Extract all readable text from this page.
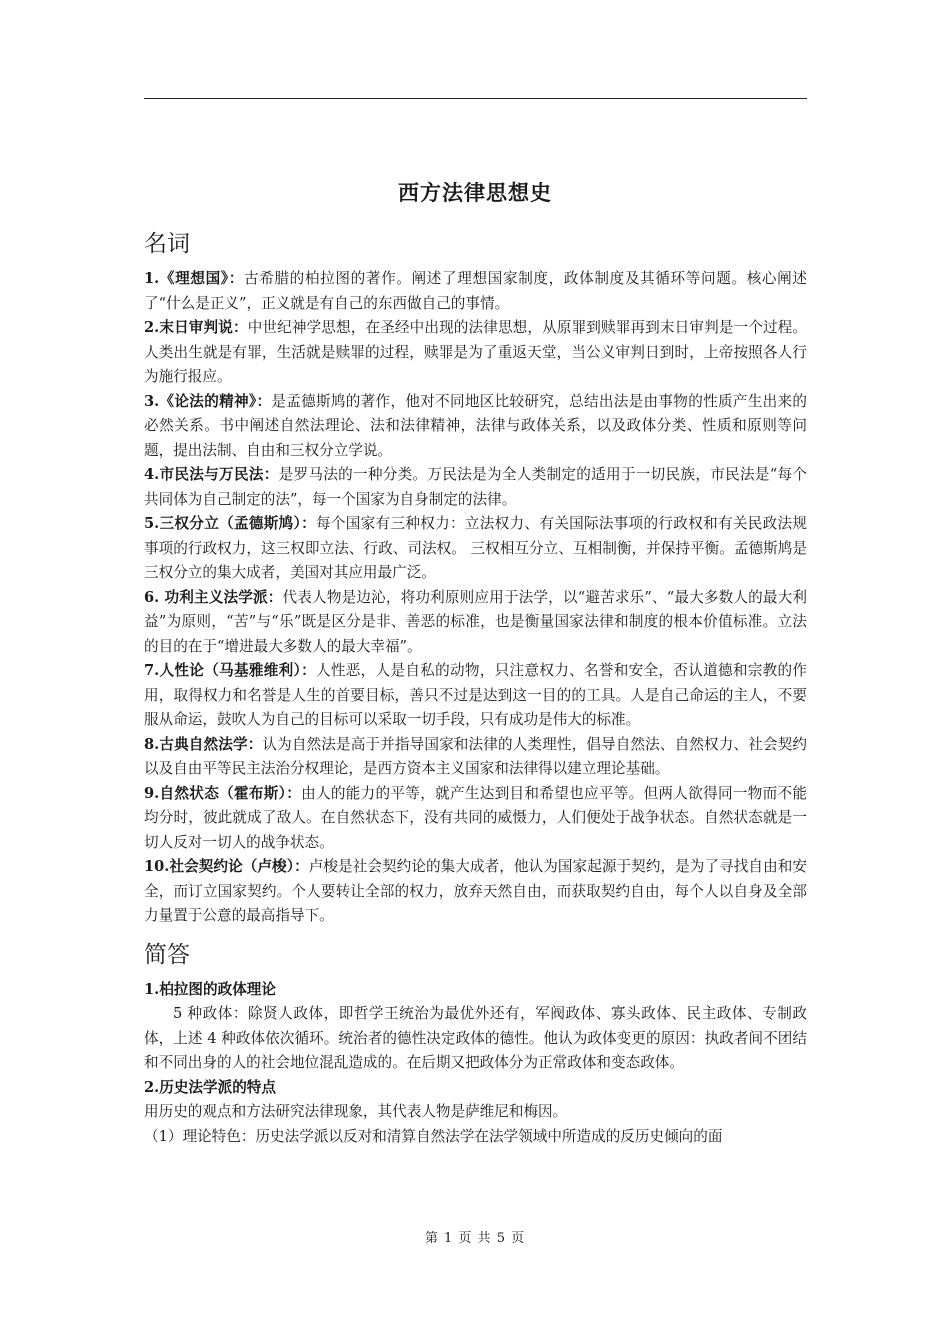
西方法律思想史
名词

1.《理想国》：古希腊的柏拉图的著作。阐述了理想国家制度，政体制度及其循环等问题。核心阐述了“什么是正义”，正义就是有自己的东西做自己的事情。

2.末日审判说：中世纪神学思想，在圣经中出现的法律思想，从原罪到赎罪再到末日审判是一个过程。人类出生就是有罪，生活就是赎罪的过程，赎罪是为了重返天堂，当公义审判日到时，上帝按照各人行为施行报应。

3.《论法的精神》：是孟德斯鸠的著作，他对不同地区比较研究，总结出法是由事物的性质产生出来的必然关系。书中阐述自然法理论、法和法律精神，法律与政体关系，以及政体分类、性质和原则等问题，提出法制、自由和三权分立学说。

4.市民法与万民法：是罗马法的一种分类。万民法是为全人类制定的适用于一切民族，市民法是“每个共同体为自己制定的法”，每一个国家为自身制定的法律。

5.三权分立（孟德斯鸠）：每个国家有三种权力：立法权力、有关国际法事项的行政权和有关民政法规事项的行政权力，这三权即立法、行政、司法权。 三权相互分立、互相制衡，并保持平衡。孟德斯鸠是三权分立的集大成者，美国对其应用最广泛。

6. 功利主义法学派：代表人物是边沁，将功利原则应用于法学，以“避苦求乐”、“最大多数人的最大利益”为原则，“苦”与“乐”既是区分是非、善恶的标准，也是衡量国家法律和制度的根本价值标准。立法的目的在于“增进最大多数人的最大幸福”。

7.人性论（马基雅维利）：人性恶，人是自私的动物，只注意权力、名誉和安全，否认道德和宗教的作用，取得权力和名誉是人生的首要目标，善只不过是达到这一目的的工具。人是自己命运的主人，不要服从命运，鼓吹人为自己的目标可以采取一切手段，只有成功是伟大的标准。

8.古典自然法学：认为自然法是高于并指导国家和法律的人类理性，倡导自然法、自然权力、社会契约以及自由平等民主法治分权理论，是西方资本主义国家和法律得以建立理论基础。

9.自然状态（霍布斯）：由人的能力的平等，就产生达到目和希望也应平等。但两人欲得同一物而不能均分时，彼此就成了敌人。在自然状态下，没有共同的威慑力，人们便处于战争状态。自然状态就是一切人反对一切人的战争状态。

10.社会契约论（卢梭）：卢梭是社会契约论的集大成者，他认为国家起源于契约，是为了寻找自由和安全，而订立国家契约。个人要转让全部的权力，放弃天然自由，而获取契约自由，每个人以自身及全部力量置于公意的最高指导下。

简答

1.柏拉图的政体理论

5 种政体：除贤人政体，即哲学王统治为最优外还有，军阀政体、寡头政体、民主政体、专制政体，上述 4 种政体依次循环。统治者的德性决定政体的德性。他认为政体变更的原因：执政者间不团结和不同出身的人的社会地位混乱造成的。在后期又把政体分为正常政体和变态政体。

2.历史法学派的特点

用历史的观点和方法研究法律现象，其代表人物是萨维尼和梅因。

（1）理论特色：历史法学派以反对和清算自然法学在法学领域中所造成的反历史倾向的面

第 1 页 共 5 页
